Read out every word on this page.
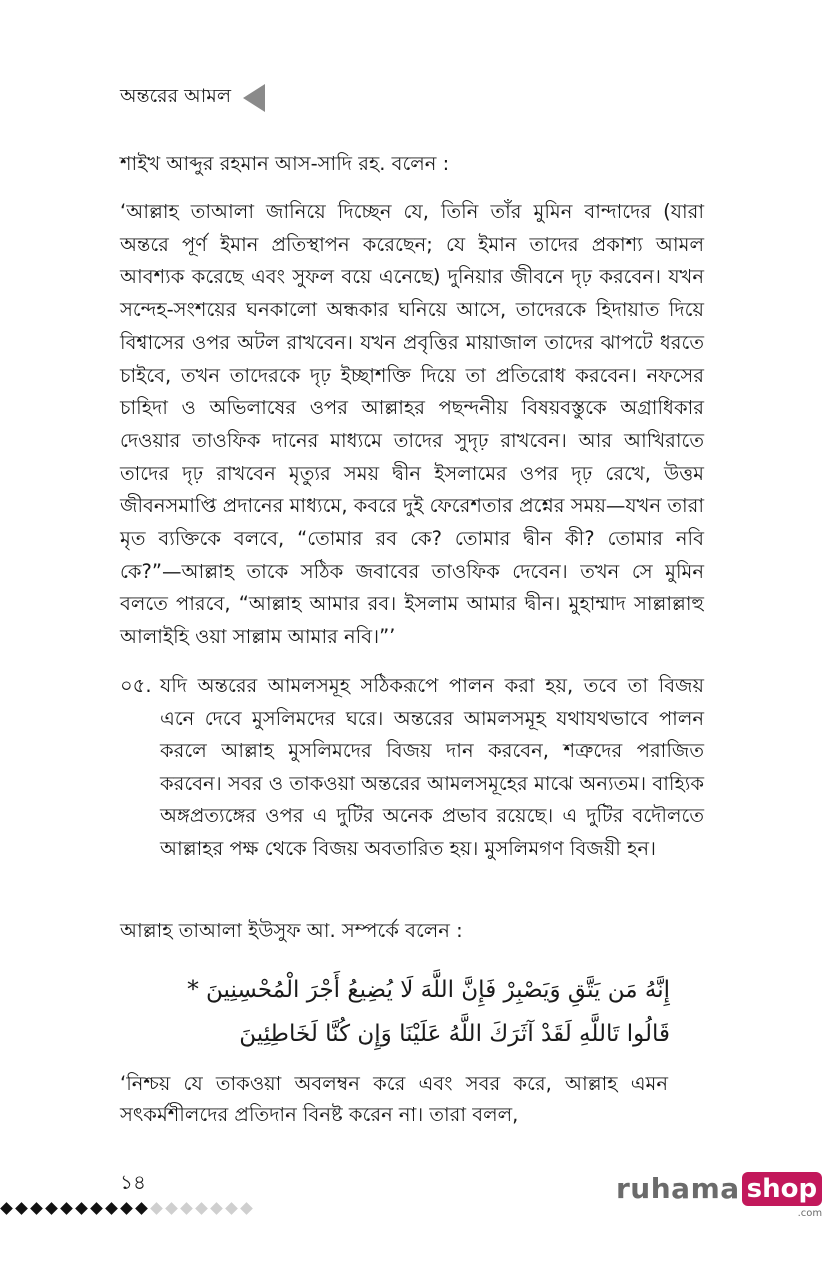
অন্তরের আমল
শাইখ আব্দুর রহমান আস-সাদি রহ. বলেন :
‘আল্লাহ তাআলা জানিয়ে দিচ্ছেন যে, তিনি তাঁর মুমিন বান্দাদের (যারা অন্তরে পূর্ণ ইমান প্রতিস্থাপন করেছেন; যে ইমান তাদের প্রকাশ্য আমল আবশ্যক করেছে এবং সুফল বয়ে এনেছে) দুনিয়ার জীবনে দৃঢ় করবেন। যখন সন্দেহ-সংশয়ের ঘনকালো অন্ধকার ঘনিয়ে আসে, তাদেরকে হিদায়াত দিয়ে বিশ্বাসের ওপর অটল রাখবেন। যখন প্রবৃত্তির মায়াজাল তাদের ঝাপটে ধরতে চাইবে, তখন তাদেরকে দৃঢ় ইচ্ছাশক্তি দিয়ে তা প্রতিরোধ করবেন। নফসের চাহিদা ও অভিলাষের ওপর আল্লাহর পছন্দনীয় বিষয়বস্তুকে অগ্রাধিকার দেওয়ার তাওফিক দানের মাধ্যমে তাদের সুদৃঢ় রাখবেন। আর আখিরাতে তাদের দৃঢ় রাখবেন মৃত্যুর সময় দ্বীন ইসলামের ওপর দৃঢ় রেখে, উত্তম জীবনসমাপ্তি প্রদানের মাধ্যমে, কবরে দুই ফেরেশতার প্রশ্নের সময়—যখন তারা মৃত ব্যক্তিকে বলবে, “তোমার রব কে? তোমার দ্বীন কী? তোমার নবি কে?”—আল্লাহ তাকে সঠিক জবাবের তাওফিক দেবেন। তখন সে মুমিন বলতে পারবে, “আল্লাহ আমার রব। ইসলাম আমার দ্বীন। মুহাম্মাদ সাল্লাল্লাহু আলাইহি ওয়া সাল্লাম আমার নবি।”’
০৫. যদি অন্তরের আমলসমূহ সঠিকরূপে পালন করা হয়, তবে তা বিজয় এনে দেবে মুসলিমদের ঘরে। অন্তরের আমলসমূহ যথাযথভাবে পালন করলে আল্লাহ মুসলিমদের বিজয় দান করবেন, শত্রুদের পরাজিত করবেন। সবর ও তাকওয়া অন্তরের আমলসমূহের মাঝে অন্যতম। বাহ্যিক অঙ্গপ্রত্যঙ্গের ওপর এ দুটির অনেক প্রভাব রয়েছে। এ দুটির বদৌলতে আল্লাহর পক্ষ থেকে বিজয় অবতারিত হয়। মুসলিমগণ বিজয়ী হন।
আল্লাহ তাআলা ইউসুফ আ. সম্পর্কে বলেন :
إِنَّهُ مَن يَتَّقِ وَيَصْبِرْ فَإِنَّ اللَّهَ لَا يُضِيعُ أَجْرَ الْمُحْسِنِينَ * قَالُوا تَاللَّهِ لَقَدْ آثَرَكَ اللَّهُ عَلَيْنَا وَإِن كُنَّا لَخَاطِئِينَ
‘নিশ্চয় যে তাকওয়া অবলম্বন করে এবং সবর করে, আল্লাহ এমন সৎকর্মশীলদের প্রতিদান বিনষ্ট করেন না। তারা বলল,
১৪	ruhama shop
.com
